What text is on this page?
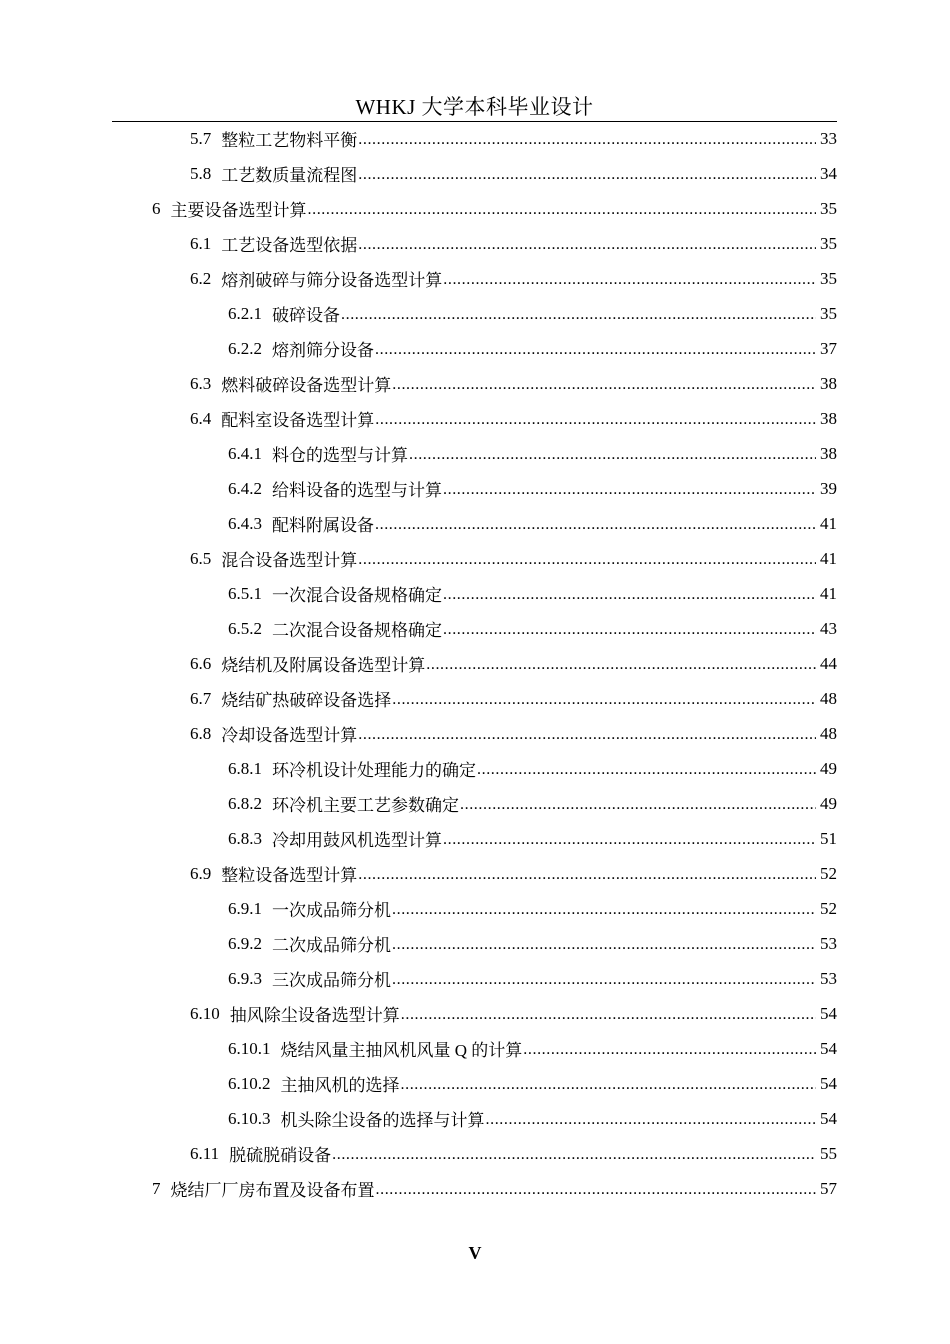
WHKJ 大学本科毕业设计
5.7 整粒工艺物料平衡 .....	33
5.8 工艺数质量流程图 .....	34
6 主要设备选型计算 .....	35
6.1 工艺设备选型依据 .....	35
6.2 熔剂破碎与筛分设备选型计算 .....	35
6.2.1 破碎设备 .....	35
6.2.2 熔剂筛分设备 .....	37
6.3 燃料破碎设备选型计算 .....	38
6.4 配料室设备选型计算 .....	38
6.4.1 料仓的选型与计算 .....	38
6.4.2 给料设备的选型与计算 .....	39
6.4.3 配料附属设备 .....	41
6.5 混合设备选型计算 .....	41
6.5.1 一次混合设备规格确定 .....	41
6.5.2 二次混合设备规格确定 .....	43
6.6 烧结机及附属设备选型计算 .....	44
6.7 烧结矿热破碎设备选择 .....	48
6.8 冷却设备选型计算 .....	48
6.8.1 环冷机设计处理能力的确定 .....	49
6.8.2 环冷机主要工艺参数确定 .....	49
6.8.3 冷却用鼓风机选型计算 .....	51
6.9 整粒设备选型计算 .....	52
6.9.1 一次成品筛分机 .....	52
6.9.2 二次成品筛分机 .....	53
6.9.3 三次成品筛分机 .....	53
6.10 抽风除尘设备选型计算 .....	54
6.10.1 烧结风量主抽风机风量 Q 的计算 .....	54
6.10.2 主抽风机的选择 .....	54
6.10.3 机头除尘设备的选择与计算 .....	54
6.11 脱硫脱硝设备 .....	55
7 烧结厂厂房布置及设备布置 .....	57
V
